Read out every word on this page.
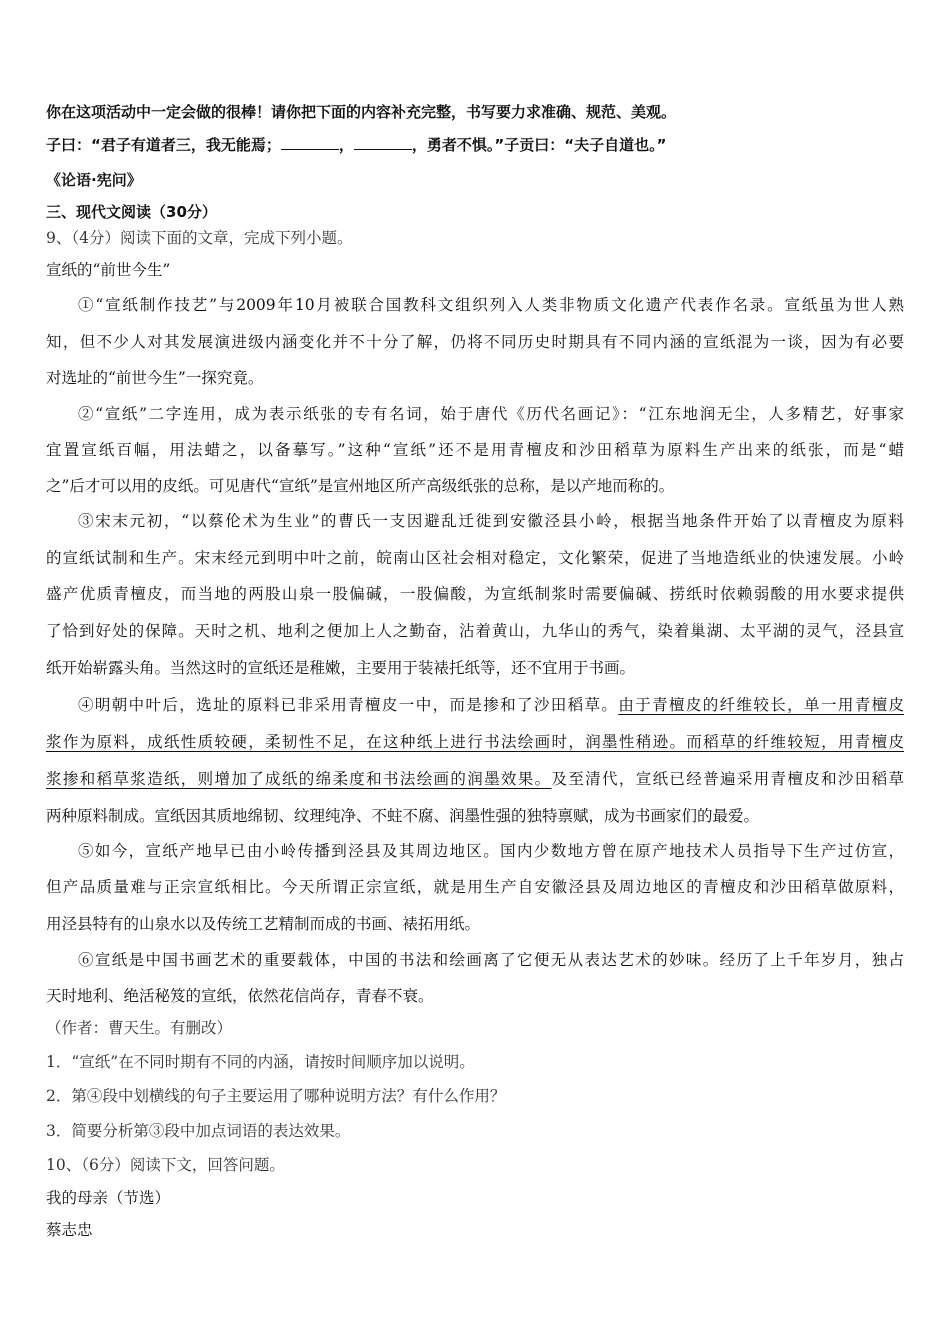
你在这项活动中一定会做的很棒！请你把下面的内容补充完整，书写要力求准确、规范、美观。
子曰：“君子有道者三，我无能焉；	，	，勇者不惧。”子贡曰：“夫子自道也。”
《论语·宪问》
三、现代文阅读（30分）
9、（4分）阅读下面的文章，完成下列小题。
宣纸的“前世今生”
①“宣纸制作技艺”与2009年10月被联合国教科文组织列入人类非物质文化遗产代表作名录。宣纸虽为世人熟
知，但不少人对其发展演进级内涵变化并不十分了解，仍将不同历史时期具有不同内涵的宣纸混为一谈，因为有必要
对选址的“前世今生”一探究竟。
②“宣纸”二字连用，成为表示纸张的专有名词，始于唐代《历代名画记》：“江东地润无尘，人多精艺，好事家
宜置宣纸百幅，用法蜡之，以备摹写。”这种“宣纸”还不是用青檀皮和沙田稻草为原料生产出来的纸张，而是“蜡
之”后才可以用的皮纸。可见唐代“宣纸”是宣州地区所产高级纸张的总称，是以产地而称的。
③宋末元初，“以蔡伦术为生业”的曹氏一支因避乱迁徙到安徽泾县小岭，根据当地条件开始了以青檀皮为原料
的宣纸试制和生产。宋末经元到明中叶之前，皖南山区社会相对稳定，文化繁荣，促进了当地造纸业的快速发展。小岭
盛产优质青檀皮，而当地的两股山泉一股偏碱，一股偏酸，为宣纸制浆时需要偏碱、捞纸时依赖弱酸的用水要求提供
了恰到好处的保障。天时之机、地利之便加上人之勤奋，沾着黄山，九华山的秀气，染着巢湖、太平湖的灵气，泾县宣
纸开始崭露头角。当然这时的宣纸还是稚嫩，主要用于装裱托纸等，还不宜用于书画。
④明朝中叶后，选址的原料已非采用青檀皮一中，而是掺和了沙田稻草。由于青檀皮的纤维较长，单一用青檀皮
浆作为原料，成纸性质较硬，柔韧性不足，在这种纸上进行书法绘画时，润墨性稍逊。而稻草的纤维较短，用青檀皮
浆掺和稻草浆造纸，则增加了成纸的绵柔度和书法绘画的润墨效果。及至清代，宣纸已经普遍采用青檀皮和沙田稻草
两种原料制成。宣纸因其质地绵韧、纹理纯净、不蛀不腐、润墨性强的独特禀赋，成为书画家们的最爱。
⑤如今，宣纸产地早已由小岭传播到泾县及其周边地区。国内少数地方曾在原产地技术人员指导下生产过仿宣，
但产品质量难与正宗宣纸相比。今天所谓正宗宣纸，就是用生产自安徽泾县及周边地区的青檀皮和沙田稻草做原料，
用泾县特有的山泉水以及传统工艺精制而成的书画、裱拓用纸。
⑥宣纸是中国书画艺术的重要载体，中国的书法和绘画离了它便无从表达艺术的妙味。经历了上千年岁月，独占
天时地利、绝活秘笈的宣纸，依然花信尚存，青春不衰。
（作者：曹天生。有删改）
1．“宣纸”在不同时期有不同的内涵，请按时间顺序加以说明。
2．第④段中划横线的句子主要运用了哪种说明方法？有什么作用？
3．简要分析第③段中加点词语的表达效果。
10、（6分）阅读下文，回答问题。
我的母亲（节选）
蔡志忠
